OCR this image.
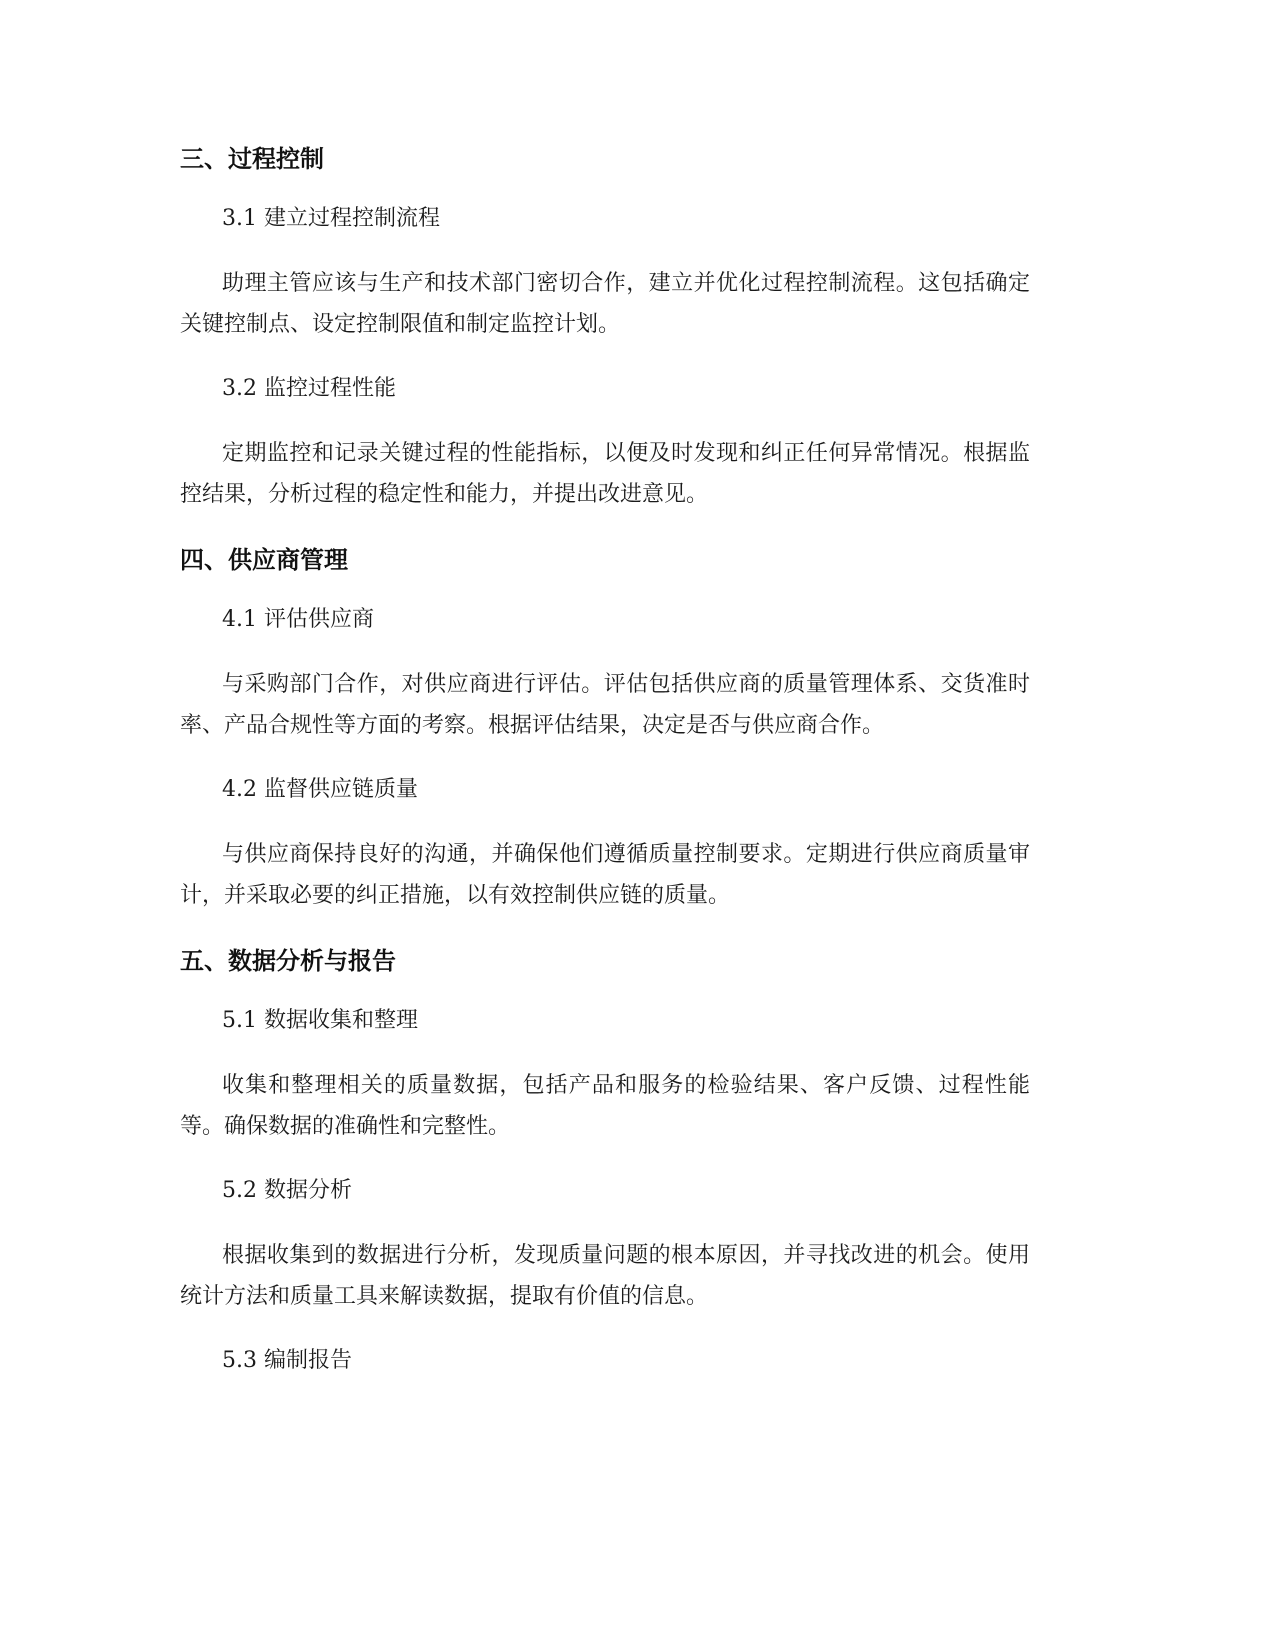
三、过程控制
3.1 建立过程控制流程

助理主管应该与生产和技术部门密切合作，建立并优化过程控制流程。这包括确定关键控制点、设定控制限值和制定监控计划。

3.2 监控过程性能

定期监控和记录关键过程的性能指标，以便及时发现和纠正任何异常情况。根据监控结果，分析过程的稳定性和能力，并提出改进意见。

四、供应商管理
4.1 评估供应商

与采购部门合作，对供应商进行评估。评估包括供应商的质量管理体系、交货准时率、产品合规性等方面的考察。根据评估结果，决定是否与供应商合作。

4.2 监督供应链质量

与供应商保持良好的沟通，并确保他们遵循质量控制要求。定期进行供应商质量审计，并采取必要的纠正措施，以有效控制供应链的质量。

五、数据分析与报告
5.1 数据收集和整理

收集和整理相关的质量数据，包括产品和服务的检验结果、客户反馈、过程性能等。确保数据的准确性和完整性。

5.2 数据分析

根据收集到的数据进行分析，发现质量问题的根本原因，并寻找改进的机会。使用统计方法和质量工具来解读数据，提取有价值的信息。

5.3 编制报告
